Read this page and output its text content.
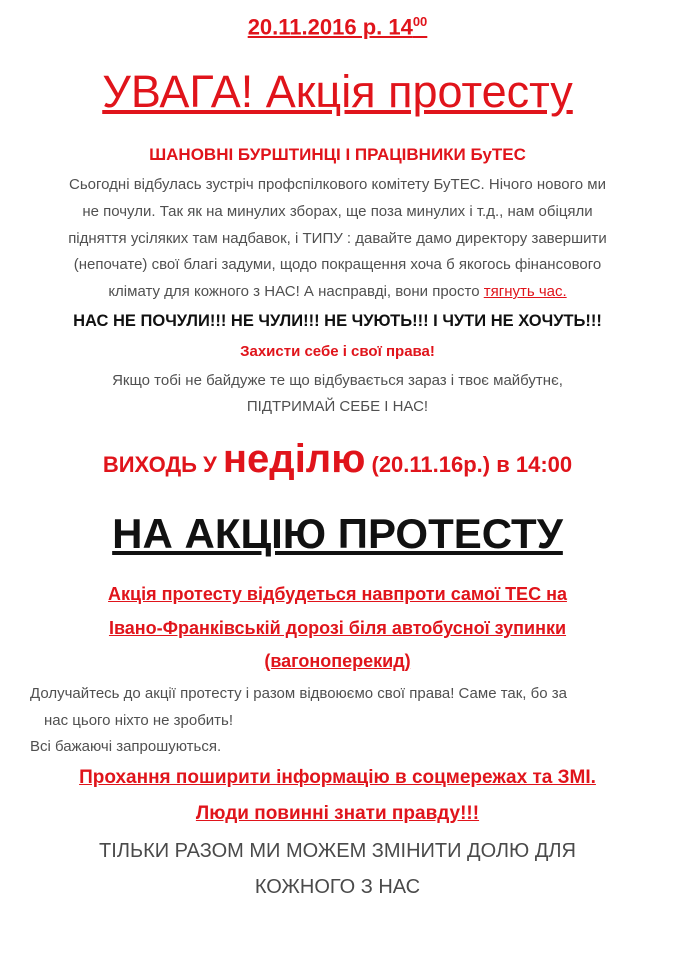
20.11.2016 р. $14^{00}$
УВАГА! Акція протесту
ШАНОВНІ БУРШТИНЦІ І ПРАЦІВНИКИ БуТЕС
Сьогодні відбулась зустріч профспілкового комітету БуТЕС. Нічого нового ми
не почули. Так як на минулих зборах, ще поза минулих і т.д., нам обіцяли
підняття усіляких там надбавок, і ТИПУ : давайте дамо директору завершити
(непочате) свої благі задуми, щодо покращення хоча б якогось фінансового
клімату для кожного з НАС! А насправді, вони просто тягнуть час.
НАС НЕ ПОЧУЛИ!!! НЕ ЧУЛИ!!! НЕ ЧУЮТЬ!!! І ЧУТИ НЕ ХОЧУТЬ!!!
Захисти себе і свої права!
Якщо тобі не байдуже те що відбувається зараз і твоє майбутнє,
ПІДТРИМАЙ СЕБЕ І НАС!
ВИХОДЬ У неділю (20.11.16р.) в 14:00
НА АКЦІЮ ПРОТЕСТУ
Акція протесту відбудеться навпроти самої ТЕС на
Івано-Франківській дорозі біля автобусної зупинки
(вагоноперекид)
Долучайтесь до акції протесту і разом відвоюємо свої права! Саме так, бо за
нас цього ніхто не зробить!
Всі бажаючі запрошуються.
Прохання поширити інформацію в соцмережах та ЗМІ.
Люди повинні знати правду!!!
ТІЛЬКИ РАЗОМ МИ МОЖЕМ ЗМІНИТИ ДОЛЮ ДЛЯ
КОЖНОГО З НАС
